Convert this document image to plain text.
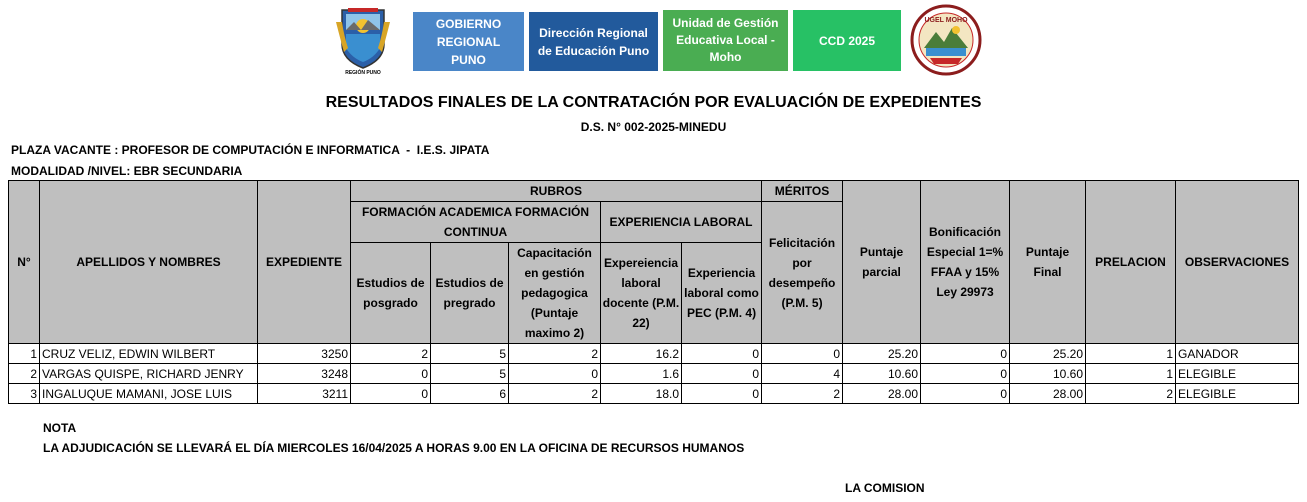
REGIÓN PUNO
GOBIERNO REGIONAL PUNO
Dirección Regional de Educación Puno
Unidad de Gestión Educativa Local - Moho
CCD 2025
UGEL MOHO
RESULTADOS FINALES DE LA CONTRATACIÓN POR EVALUACIÓN DE EXPEDIENTES
D.S. N° 002-2025-MINEDU
PLAZA VACANTE : PROFESOR DE COMPUTACIÓN E INFORMATICA  -  I.E.S. JIPATA
MODALIDAD /NIVEL: EBR SECUNDARIA
N°	APELLIDOS Y NOMBRES	EXPEDIENTE	RUBROS					MÉRITOS	Puntaje parcial	Bonificación Especial 1=% FFAA y 15% Ley 29973	Puntaje Final	PRELACION	OBSERVACIONES
			FORMACIÓN ACADEMICA FORMACIÓN CONTINUA			EXPERIENCIA LABORAL		Felicitación por desempeño (P.M. 5)					
			Estudios de posgrado	Estudios de pregrado	Capacitación en gestión pedagogica (Puntaje maximo 2)	Expereiencia laboral docente (P.M. 22)	Experiencia laboral como PEC (P.M. 4)						
1	CRUZ VELIZ, EDWIN WILBERT	3250	2	5	2	16.2	0	0	25.20	0	25.20	1	GANADOR
2	VARGAS QUISPE, RICHARD JENRY	3248	0	5	0	1.6	0	4	10.60	0	10.60	1	ELEGIBLE
3	INGALUQUE MAMANI, JOSE LUIS	3211	0	6	2	18.0	0	2	28.00	0	28.00	2	ELEGIBLE
NOTA
LA ADJUDICACIÓN SE LLEVARÁ EL DÍA MIERCOLES 16/04/2025 A HORAS 9.00 EN LA OFICINA DE RECURSOS HUMANOS
LA COMISION
